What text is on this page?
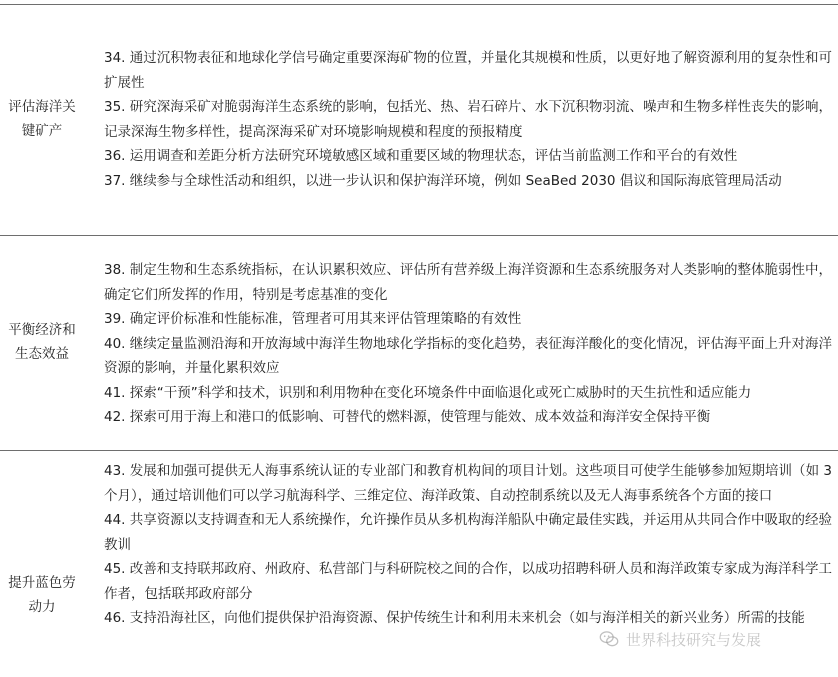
评估海洋关
键矿产
34. 通过沉积物表征和地球化学信号确定重要深海矿物的位置，并量化其规模和性质，以更好地了解资源利用的复杂性和可扩展性
35. 研究深海采矿对脆弱海洋生态系统的影响，包括光、热、岩石碎片、水下沉积物羽流、噪声和生物多样性丧失的影响，记录深海生物多样性，提高深海采矿对环境影响规模和程度的预报精度
36. 运用调查和差距分析方法研究环境敏感区域和重要区域的物理状态，评估当前监测工作和平台的有效性
37. 继续参与全球性活动和组织，以进一步认识和保护海洋环境，例如 SeaBed 2030 倡议和国际海底管理局活动
平衡经济和
生态效益
38. 制定生物和生态系统指标，在认识累积效应、评估所有营养级上海洋资源和生态系统服务对人类影响的整体脆弱性中，确定它们所发挥的作用，特别是考虑基准的变化
39. 确定评价标准和性能标准，管理者可用其来评估管理策略的有效性
40. 继续定量监测沿海和开放海域中海洋生物地球化学指标的变化趋势，表征海洋酸化的变化情况，评估海平面上升对海洋资源的影响，并量化累积效应
41. 探索“干预”科学和技术，识别和利用物种在变化环境条件中面临退化或死亡威胁时的天生抗性和适应能力
42. 探索可用于海上和港口的低影响、可替代的燃料源，使管理与能效、成本效益和海洋安全保持平衡
提升蓝色劳
动力
43. 发展和加强可提供无人海事系统认证的专业部门和教育机构间的项目计划。这些项目可使学生能够参加短期培训（如 3 个月），通过培训他们可以学习航海科学、三维定位、海洋政策、自动控制系统以及无人海事系统各个方面的接口
44. 共享资源以支持调查和无人系统操作，允许操作员从多机构海洋船队中确定最佳实践，并运用从共同合作中吸取的经验教训
45. 改善和支持联邦政府、州政府、私营部门与科研院校之间的合作，以成功招聘科研人员和海洋政策专家成为海洋科学工作者，包括联邦政府部分
46. 支持沿海社区，向他们提供保护沿海资源、保护传统生计和利用未来机会（如与海洋相关的新兴业务）所需的技能
世界科技研究与发展
